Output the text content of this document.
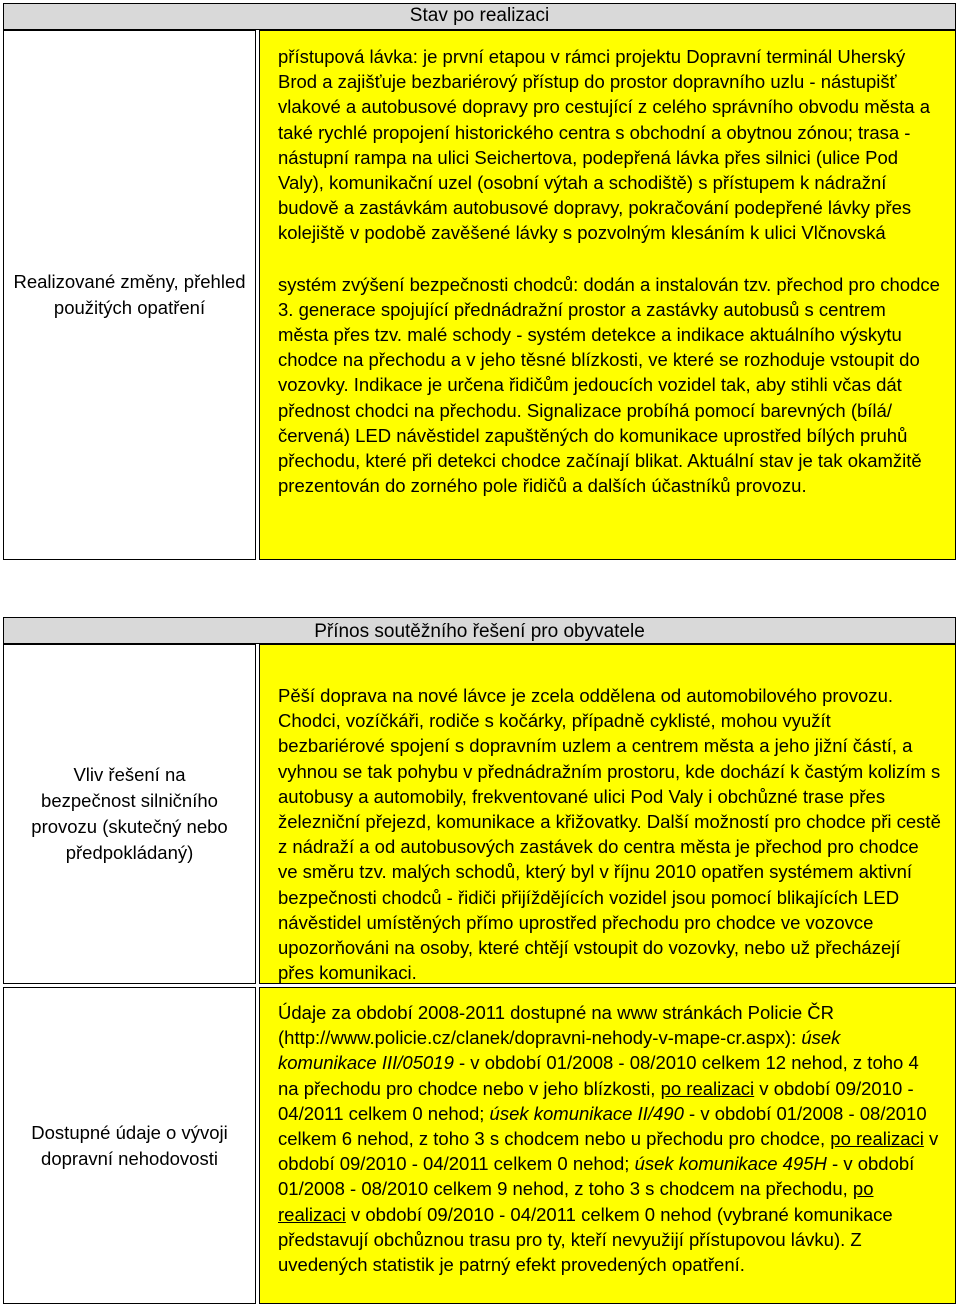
Stav po realizaci
Realizované změny, přehled použitých opatření

přístupová lávka: je první etapou v rámci projektu Dopravní terminál Uherský Brod a zajišťuje bezbariérový přístup do prostor dopravního uzlu - nástupišť vlakové a autobusové dopravy pro cestující z celého správního obvodu města a také rychlé propojení historického centra s obchodní a obytnou zónou; trasa - nástupní rampa na ulici Seichertova, podepřená lávka přes silnici (ulice Pod Valy), komunikační uzel (osobní výtah a schodiště) s přístupem k nádražní budově a zastávkám autobusové dopravy, pokračování podepřené lávky přes kolejiště v podobě zavěšené lávky s pozvolným klesáním k ulici Vlčnovská

systém zvýšení bezpečnosti chodců: dodán a instalován tzv. přechod pro chodce 3. generace spojující přednádražní prostor a zastávky autobusů s centrem města přes tzv. malé schody - systém detekce a indikace aktuálního výskytu chodce na přechodu a v jeho těsné blízkosti, ve které se rozhoduje vstoupit do vozovky. Indikace je určena řidičům jedoucích vozidel tak, aby stihli včas dát přednost chodci na přechodu. Signalizace probíhá pomocí barevných (bílá/červená) LED návěstidel zapuštěných do komunikace uprostřed bílých pruhů přechodu, které při detekci chodce začínají blikat. Aktuální stav je tak okamžitě prezentován do zorného pole řidičů a dalších účastníků provozu.

Přínos soutěžního řešení pro obyvatele
Vliv řešení na bezpečnost silničního provozu (skutečný nebo předpokládaný)

Pěší doprava na nové lávce je zcela oddělena od automobilového provozu. Chodci, vozíčkáři, rodiče s kočárky, případně cyklisté, mohou využít bezbariérové spojení s dopravním uzlem a centrem města a jeho jižní částí, a vyhnou se tak pohybu v přednádražním prostoru, kde dochází k častým kolizím s autobusy a automobily, frekventované ulici Pod Valy i obchůzné trase přes železniční přejezd, komunikace a křižovatky. Další možností pro chodce při cestě z nádraží a od autobusových zastávek do centra města je přechod pro chodce ve směru tzv. malých schodů, který byl v říjnu 2010 opatřen systémem aktivní bezpečnosti chodců - řidiči přijíždějících vozidel jsou pomocí blikajících LED návěstidel umístěných přímo uprostřed přechodu pro chodce ve vozovce upozorňováni na osoby, které chtějí vstoupit do vozovky, nebo už přecházejí přes komunikaci.

Dostupné údaje o vývoji dopravní nehodovosti

Údaje za období 2008-2011 dostupné na www stránkách Policie ČR (http://www.policie.cz/clanek/dopravni-nehody-v-mape-cr.aspx): úsek komunikace III/05019 - v období 01/2008 - 08/2010 celkem 12 nehod, z toho 4 na přechodu pro chodce nebo v jeho blízkosti, po realizaci v období 09/2010 - 04/2011 celkem 0 nehod; úsek komunikace II/490 - v období 01/2008 - 08/2010 celkem 6 nehod, z toho 3 s chodcem nebo u přechodu pro chodce, po realizaci v období 09/2010 - 04/2011 celkem 0 nehod; úsek komunikace 495H - v období 01/2008 - 08/2010 celkem 9 nehod, z toho 3 s chodcem na přechodu, po realizaci v období 09/2010 - 04/2011 celkem 0 nehod (vybrané komunikace představují obchůznou trasu pro ty, kteří nevyužijí přístupovou lávku). Z uvedených statistik je patrný efekt provedených opatření.
